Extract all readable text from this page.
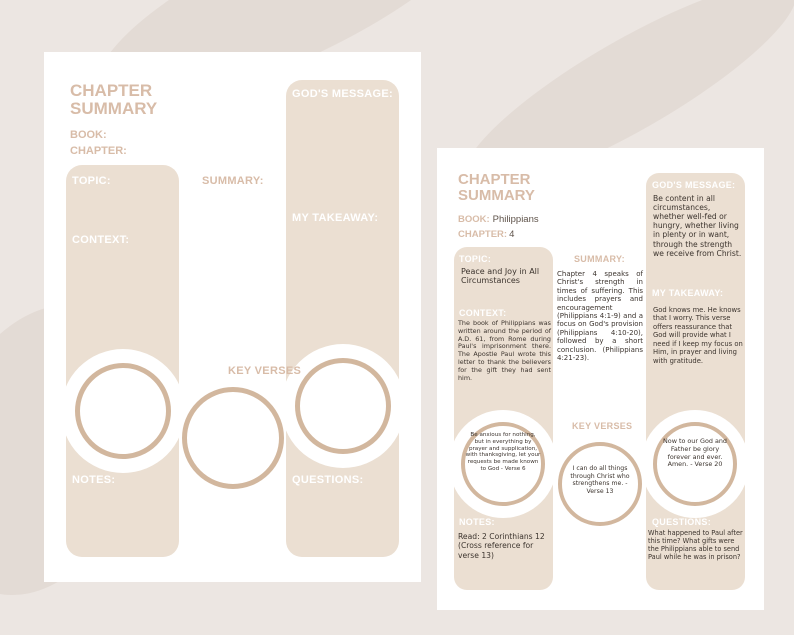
CHAPTER
SUMMARY
BOOK:
CHAPTER:
TOPIC:
CONTEXT:
SUMMARY:
GOD'S MESSAGE:
MY TAKEAWAY:
KEY VERSES
NOTES:	QUESTIONS:
CHAPTER
SUMMARY
BOOK: Philippians
CHAPTER: 4
TOPIC:
Peace and Joy in All Circumstances
CONTEXT:
The book of Philippians was written around the period of A.D. 61, from Rome during Paul's imprisonment there. The Apostle Paul wrote this letter to thank the believers for the gift they had sent him.
SUMMARY:
Chapter 4 speaks of Christ's strength in times of suffering. This includes prayers and encouragement (Philippians 4:1-9) and a focus on God's provision (Philippians 4:10-20), followed by a short conclusion. (Philippians 4:21-23).
GOD'S MESSAGE:
Be content in all circumstances, whether well-fed or hungry, whether living in plenty or in want, through the strength we receive from Christ.
MY TAKEAWAY:
God knows me. He knows that I worry. This verse offers reassurance that God will provide what I need if I keep my focus on Him, in prayer and living with gratitude.
Be anxious for nothing, but in everything by prayer and supplication, with thanksgiving, let your requests be made known to God - Verse 6
Now to our God and Father be glory forever and ever. Amen. - Verse 20
KEY VERSES
I can do all things through Christ who strengthens me. - Verse 13
NOTES:
Read: 2 Corinthians 12 (Cross reference for verse 13)
QUESTIONS:
What happened to Paul after this time? What gifts were the Philippians able to send Paul while he was in prison?
